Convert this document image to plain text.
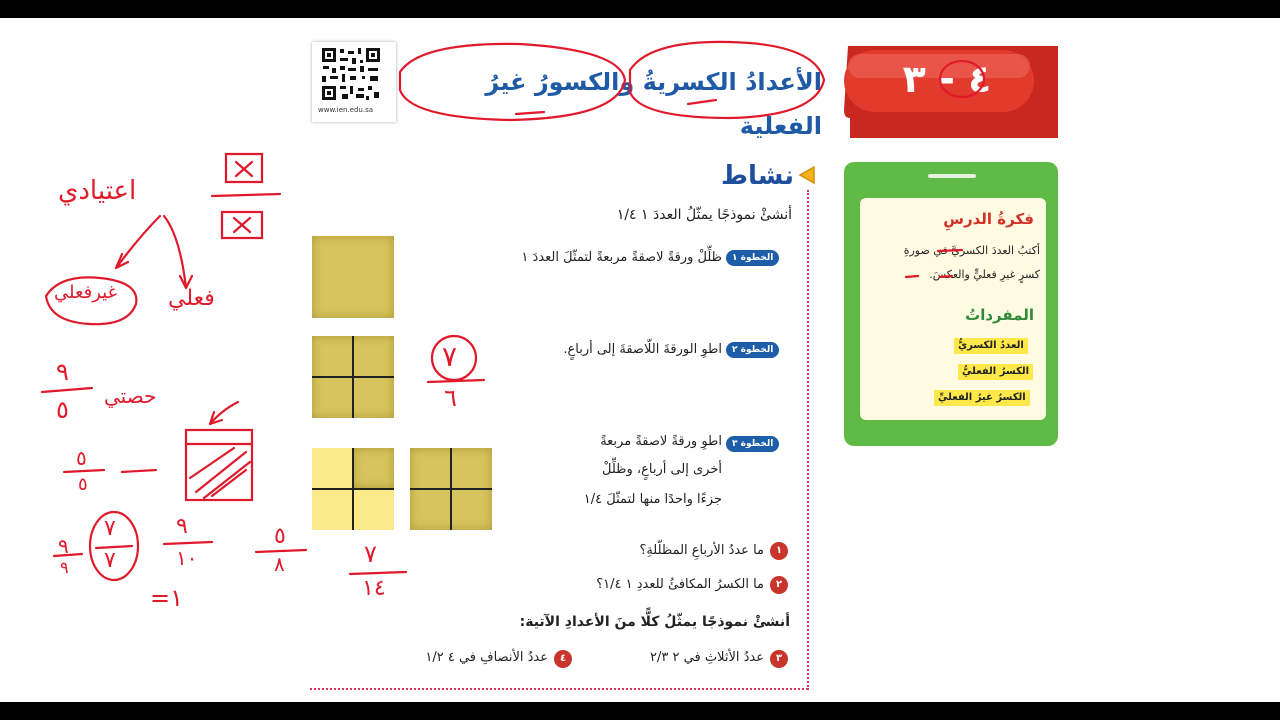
www.ien.edu.sa
الأعدادُ الكسريةُ والكسورُ غيرُ الفعلية
٤ - ٣
نشاط
أنشئْ نموذجًا يمثّلُ العددَ ١ ١/٤
الخطوة ١
ظلِّلْ ورقةً لاصقةً مربعةً لتمثّلَ العددَ ١
الخطوة ٢
اطوِ الورقةَ اللّاصقةَ إلى أرباعٍ.
الخطوة ٣
اطوِ ورقةً لاصقةً مربعةً
أخرى إلى أرباعٍ، وظلِّلْ
جزءًا واحدًا منها لتمثّلَ ١/٤
١
ما عددُ الأرباعِ المظلّلةِ؟
٢
ما الكسرُ المكافئُ للعددِ ١ ١/٤؟
أنشئْ نموذجًا يمثّلُ كلًّا منَ الأعدادِ الآتية:
٣
عددُ الأثلاثِ في ٢ ٢/٣
٤
عددُ الأنصافِ في ٤ ١/٢
فكرةُ الدرسِ
أكتبُ العددَ الكسريَّ في صورةِ
كسرٍ غيرِ فعليٍّ والعكسَ.
المفرداتُ
العددُ الكسريُّ
الكسرُ الفعليُّ
الكسرُ غيرُ الفعليِّ
اعتيادي
غيرفعلي فعلي
حصتي
٩
٥
٧
٦
٥
٥
٩
٩
٧
٧
٩
١٠
١=
٥
٨	٧
١٤
